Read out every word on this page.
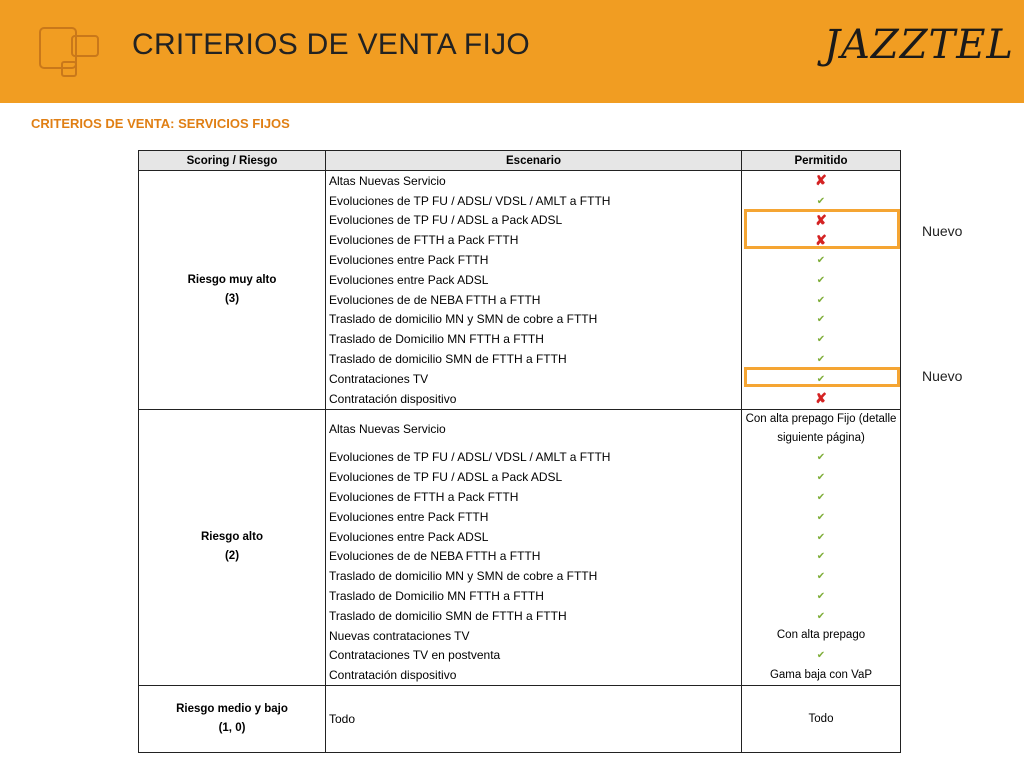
CRITERIOS DE VENTA FIJO	JAZZTEL
CRITERIOS DE VENTA: SERVICIOS FIJOS
Scoring / Riesgo	Escenario	Permitido

Riesgo muy alto
(3)	Altas Nuevas Servicio	✘
	Evoluciones de TP FU / ADSL/ VDSL / AMLT a FTTH	✔
	Evoluciones de TP FU / ADSL a Pack ADSL	✘
	Evoluciones de FTTH a Pack FTTH	✘
	Evoluciones entre Pack FTTH	✔
	Evoluciones entre Pack ADSL	✔
	Evoluciones de de NEBA FTTH a FTTH	✔
	Traslado de domicilio MN y SMN de cobre a FTTH	✔
	Traslado de Domicilio MN FTTH a FTTH	✔
	Traslado de domicilio SMN de FTTH a FTTH	✔
	Contrataciones TV	✔
	Contratación dispositivo	✘

Riesgo alto
(2)	Altas Nuevas Servicio	Con alta prepago Fijo (detalle siguiente página)

	Evoluciones de TP FU / ADSL/ VDSL / AMLT a FTTH	✔
	Evoluciones de TP FU / ADSL a Pack ADSL	✔
	Evoluciones de FTTH a Pack FTTH	✔
	Evoluciones entre Pack FTTH	✔
	Evoluciones entre Pack ADSL	✔
	Evoluciones de de NEBA FTTH a FTTH	✔
	Traslado de domicilio MN y SMN de cobre a FTTH	✔
	Traslado de Domicilio MN FTTH a FTTH	✔
	Traslado de domicilio SMN de FTTH a FTTH	✔
	Nuevas contrataciones TV	Con alta prepago

	Contrataciones TV en postventa	✔
	Contratación dispositivo	Gama baja con VaP

Riesgo medio y bajo
(1, 0)	Todo	Todo
Nuevo
Nuevo
